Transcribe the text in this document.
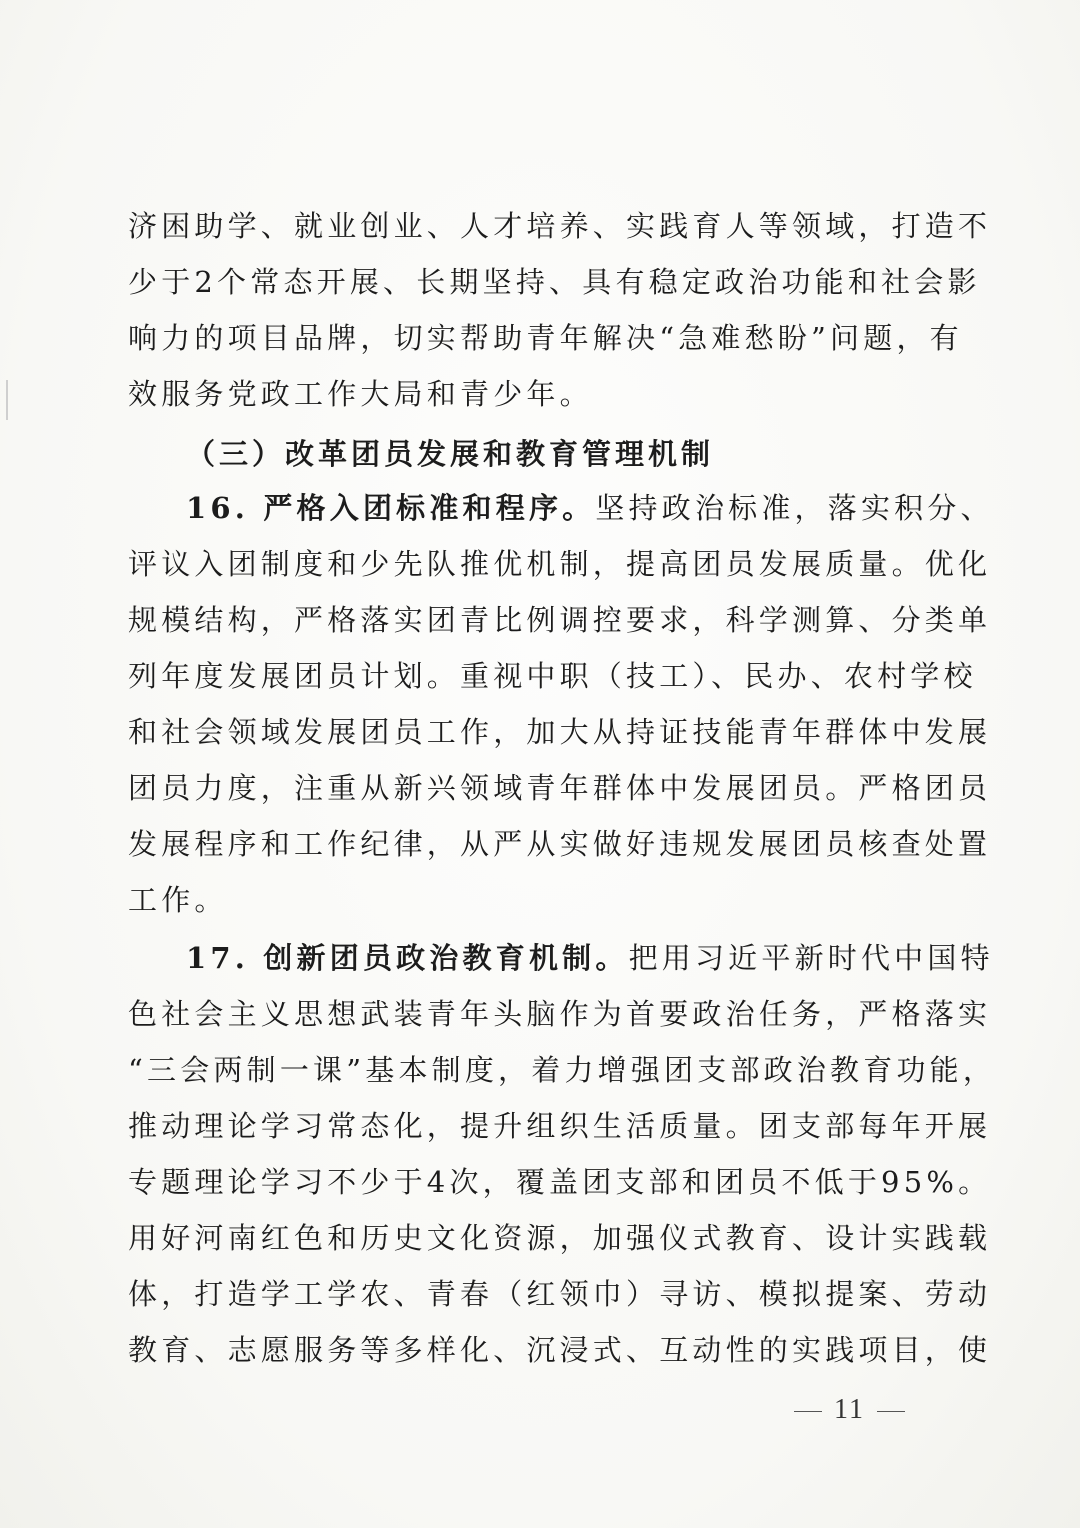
济困助学、就业创业、人才培养、实践育人等领域，打造不
少于2个常态开展、长期坚持、具有稳定政治功能和社会影
响力的项目品牌，切实帮助青年解决“急难愁盼”问题，有
效服务党政工作大局和青少年。
（三）改革团员发展和教育管理机制
16. 严格入团标准和程序。坚持政治标准，落实积分、
评议入团制度和少先队推优机制，提高团员发展质量。优化
规模结构，严格落实团青比例调控要求，科学测算、分类单
列年度发展团员计划。重视中职（技工）、民办、农村学校
和社会领域发展团员工作，加大从持证技能青年群体中发展
团员力度，注重从新兴领域青年群体中发展团员。严格团员
发展程序和工作纪律，从严从实做好违规发展团员核查处置
工作。
17. 创新团员政治教育机制。把用习近平新时代中国特
色社会主义思想武装青年头脑作为首要政治任务，严格落实
“三会两制一课”基本制度，着力增强团支部政治教育功能，
推动理论学习常态化，提升组织生活质量。团支部每年开展
专题理论学习不少于4次，覆盖团支部和团员不低于95%。
用好河南红色和历史文化资源，加强仪式教育、设计实践载
体，打造学工学农、青春（红领巾）寻访、模拟提案、劳动
教育、志愿服务等多样化、沉浸式、互动性的实践项目，使
11
